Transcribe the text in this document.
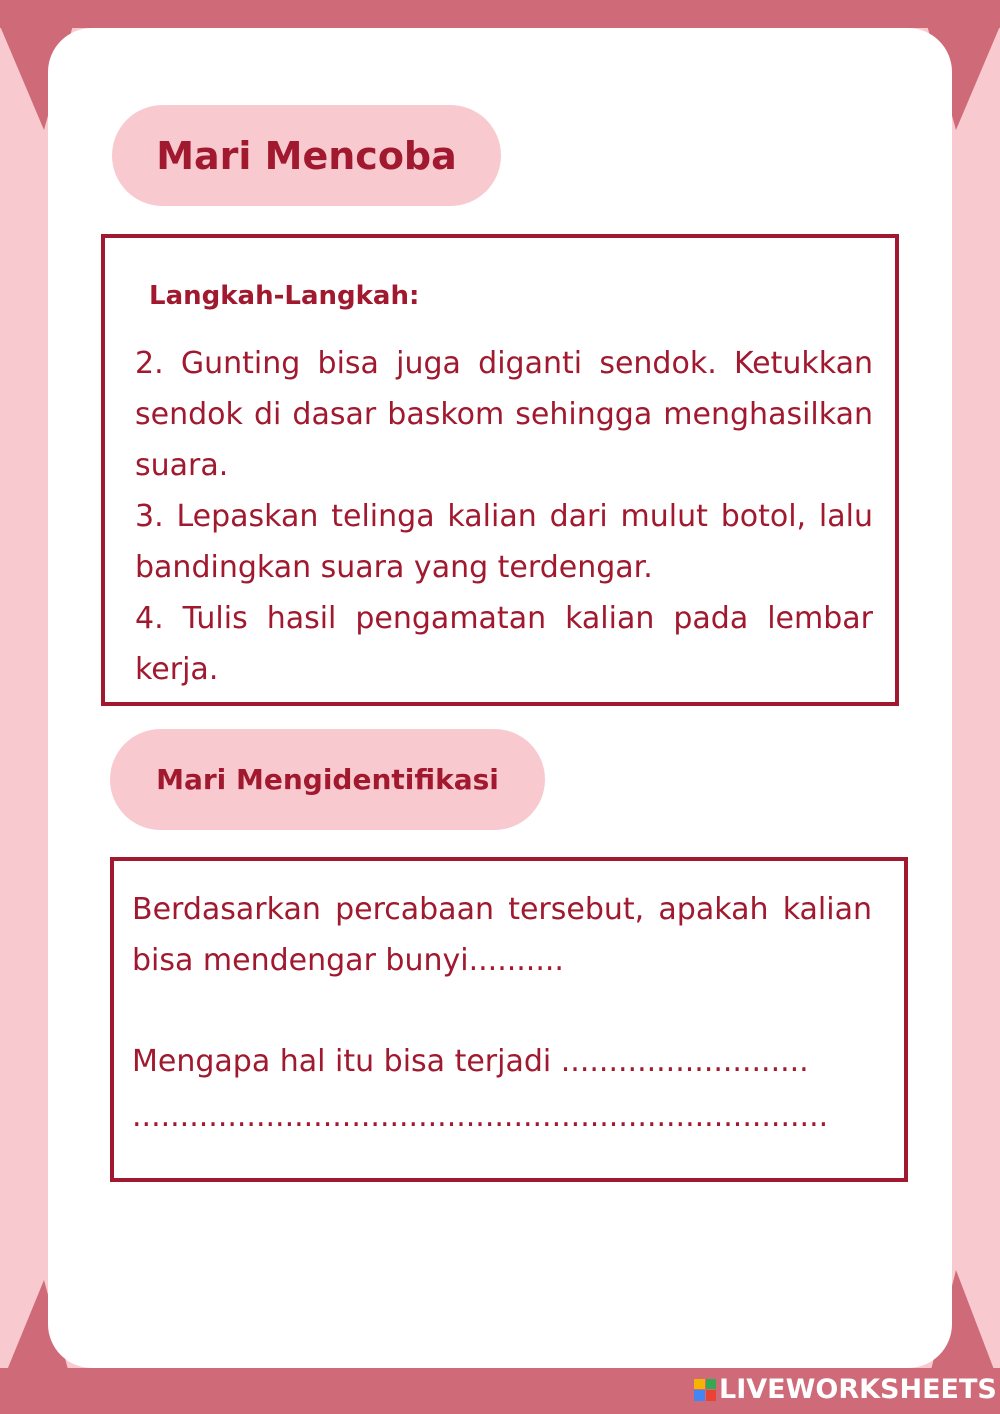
Mari Mencoba
Langkah-Langkah:

2. Gunting bisa juga diganti sendok. Ketukkan sendok di dasar baskom sehingga menghasilkan suara.

3. Lepaskan telinga kalian dari mulut botol, lalu bandingkan suara yang terdengar.

4. Tulis hasil pengamatan kalian pada lembar kerja.

Mari Mengidentifikasi

Berdasarkan percabaan tersebut, apakah kalian bisa mendengar bunyi..........

Mengapa hal itu bisa terjadi ..........................

.........................................................................

LIVEWORKSHEETS
